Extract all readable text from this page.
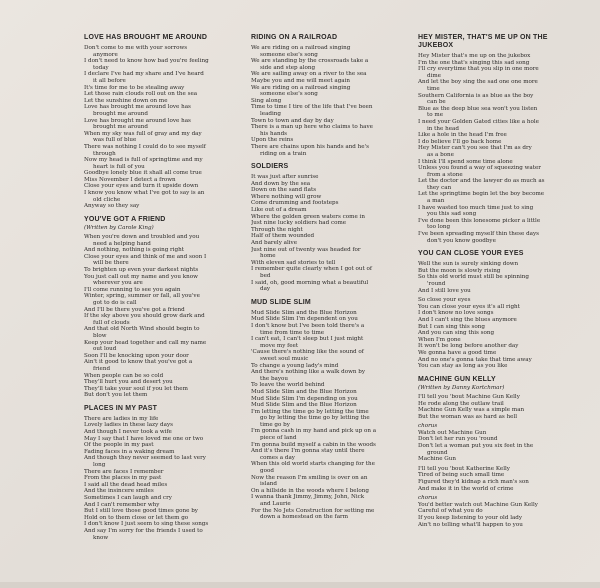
LOVE HAS BROUGHT ME AROUND
Don't come to me with your sorrows
anymore
I don't need to know how bad you're feeling
today
I declare I've had my share and I've heard
it all before
It's time for me to be stealing away
Let those rain clouds roll out on the sea
Let the sunshine down on me
Love has brought me around love has
brought me around
Love has brought me around love has
brought me around
When my sky was full of gray and my day
was full of blue
There was nothing I could do to see myself
through
Now my head is full of springtime and my
heart is full of you
Goodbye lonely blue it shall all come true
Miss November I detect a frown
Close your eyes and turn it upside down
I know you know what I've got to say is an
old cliche
Anyway so they say
YOU'VE GOT A FRIEND
(Written by Carole King)
When you're down and troubled and you
need a helping hand
And nothing, nothing is going right
Close your eyes and think of me and soon I
will be there
To brighten up even your darkest nights
You just call out my name and you know
wherever you are
I'll come running to see you again
Winter, spring, summer or fall, all you've
got to do is call
And I'll be there you've got a friend
If the sky above you should grow dark and
full of clouds
And that old North Wind should begin to
blow
Keep your head together and call my name
out loud
Soon I'll be knocking upon your door
Ain't it good to know that you've got a
friend
When people can be so cold
They'll hurt you and desert you
They'll take your soul if you let them
But don't you let them
PLACES IN MY PAST
There are ladies in my life
Lovely ladies in these lazy days
And though I never took a wife
May I say that I have loved me one or two
Of the people in my past
Fading faces in a waking dream
And though they never seemed to last very
long
There are faces I remember
From the places in my past
I said all the dead head miles
And the insincere smiles
Sometimes I can laugh and cry
And I can't remember why
But I still love those good times gone by
Hold on to them close or let them go
I don't know I just seem to sing these songs
And say I'm sorry for the friends I used to
know
RIDING ON A RAILROAD
We are riding on a railroad singing
someone else's song
We are standing by the crossroads take a
side and step along
We are sailing away on a river to the sea
Maybe you and me will meet again
We are riding on a railroad singing
someone else's song
Sing along
Time to time I tire of the life that I've been
leading
Town to town and day by day
There is a man up here who claims to have
his hands
Upon the reins
There are chains upon his hands and he's
riding on a train
SOLDIERS
It was just after sunrise
And down by the sea
Down on the sand flats
Where nothing will grow
Come drumming and footsteps
Like out of a dream
Where the golden green waters come in
Just nine lucky soldiers had come
Through the night
Half of them wounded
And barely alive
Just nine out of twenty was headed for
home
With eleven sad stories to tell
I remember quite clearly when I got out of
bed
I said, oh, good morning what a beautiful
day
MUD SLIDE SLIM
Mud Slide Slim and the Blue Horizon
Mud Slide Slim I'm dependent on you
I don't know but I've been told there's a
time from time to time
I can't eat, I can't sleep but I just might
move my feet
'Cause there's nothing like the sound of
sweet soul music
To change a young lady's mind
And there's nothing like a walk down by
the bayou
To leave the world behind
Mud Slide Slim and the Blue Horizon
Mud Slide Slim I'm depending on you
Mud Slide Slim and the Blue Horizon
I'm letting the time go by letting the time
go by letting the time go by letting the
time go by
I'm gonna cash in my hand and pick up on a
piece of land
I'm gonna build myself a cabin in the woods
And it's there I'm gonna stay until there
comes a day
When this old world starts changing for the
good
Now the reason I'm smiling is over on an
island
On a hillside in the woods where I belong
I wanna thank Jimmy, Jimmy, John, Nick
and Laurie
For the No Jets Construction for setting me
down a homestead on the farm
HEY MISTER, THAT'S ME UP ON THE JUKEBOX
Hey Mister that's me up on the jukebox
I'm the one that's singing this sad song
I'll cry everytime that you slip in one more
dime
And let the boy sing the sad one one more
time
Southern California is as blue as the boy
can be
Blue as the deep blue sea won't you listen
to me
I need your Golden Gated cities like a hole
in the head
Like a hole in the head I'm free
I do believe I'll go back home
Hey Mister can't you see that I'm as dry
as a bone
I think I'll spend some time alone
Unless you found a way of squeezing water
from a stone
Let the doctor and the lawyer do as much as
they can
Let the springtime begin let the boy become
a man
I have wasted too much time just to sing
you this sad song
I've done been this lonesome picker a little
too long
I've been spreading myself thin these days
don't you know goodbye
YOU CAN CLOSE YOUR EYES
Well the sun is surely sinking down
But the moon is slowly rising
So this old world must still be spinning
'round
And I still love you
So close your eyes
You can close your eyes it's all right
I don't know no love songs
And I can't sing the blues anymore
But I can sing this song
And you can sing this song
When I'm gone
It won't be long before another day
We gonna have a good time
And no one's gonna take that time away
You can stay as long as you like
MACHINE GUN KELLY
(Written by Danny Kortchmar)
I'll tell you 'bout Machine Gun Kelly
He rode along the outlaw trail
Machine Gun Kelly was a simple man
But the woman was as hard as hell
chorus
Watch out Machine Gun
Don't let her run you 'round
Don't let a woman put you six feet in the
ground
Machine Gun
I'll tell you 'bout Katherine Kelly
Tired of being such small time
Figured they'd kidnap a rich man's son
And make it in the world of crime
chorus
You'd better watch out Machine Gun Kelly
Careful of what you do
If you keep listening to your old lady
Ain't no telling what'll happen to you
